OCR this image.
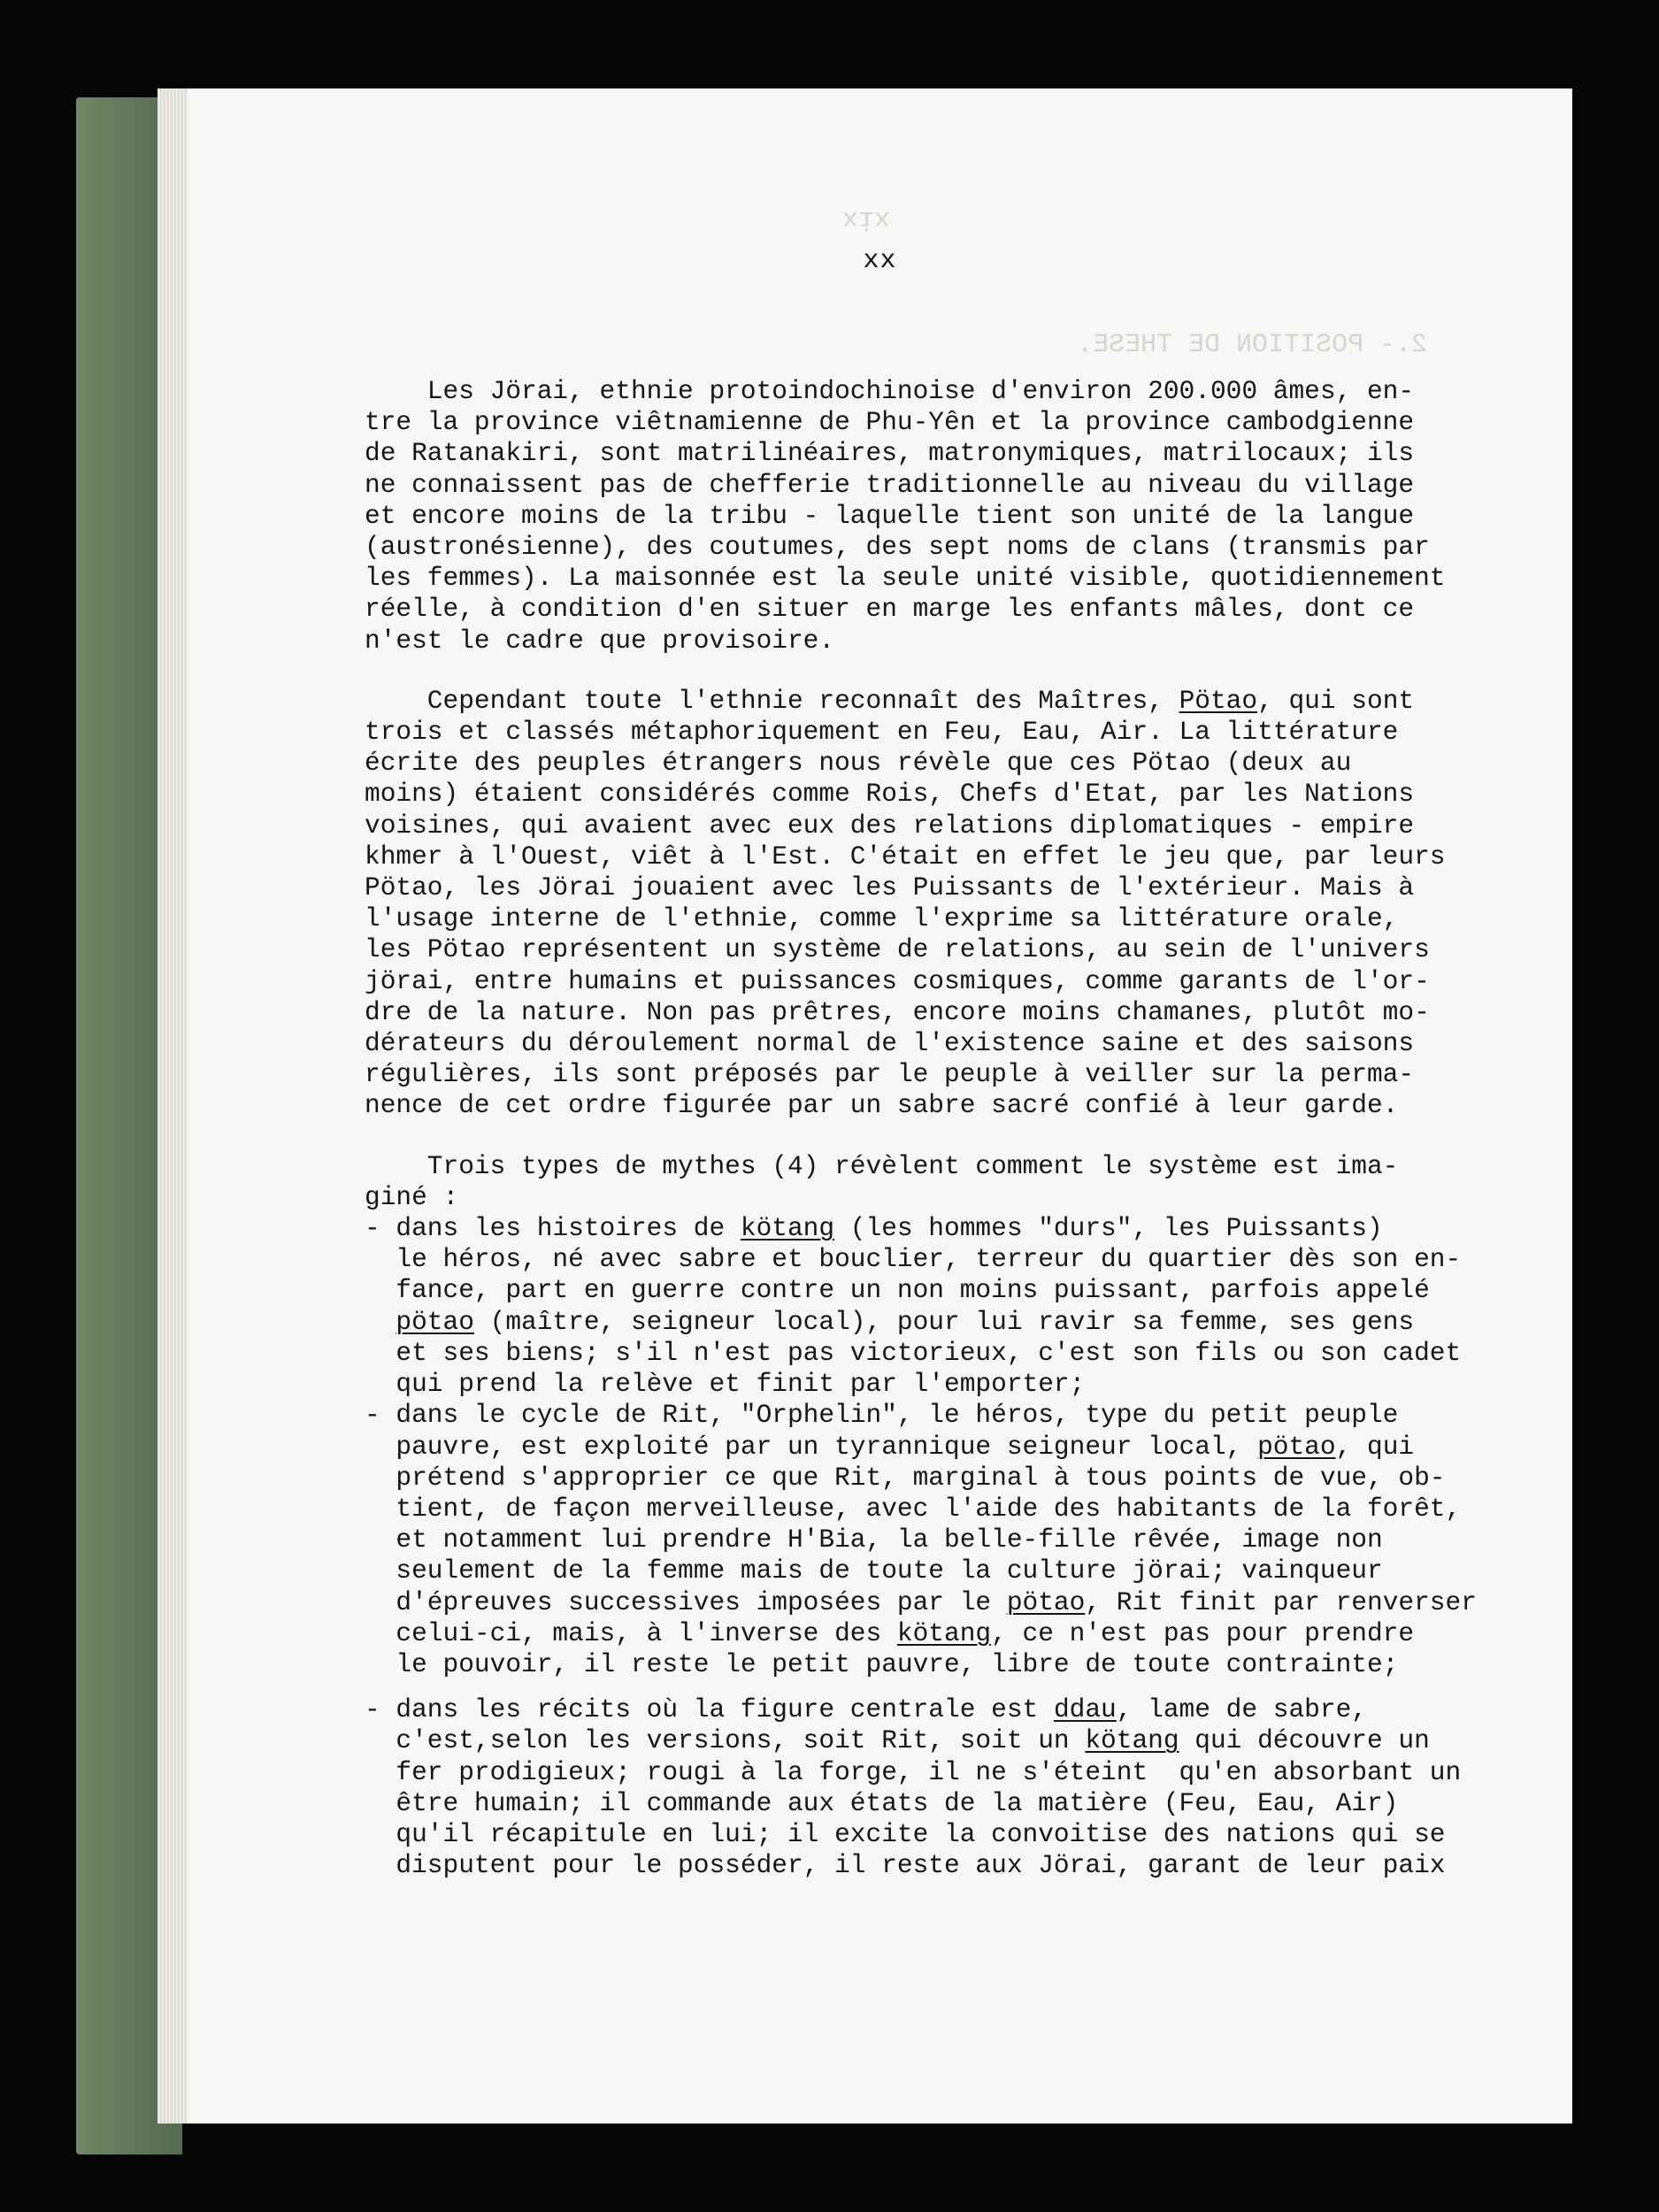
xix

2.- POSITION DE THESE.

xx
Les Jörai, ethnie protoindochinoise d'environ 200.000 âmes, en-
tre la province viêtnamienne de Phu-Yên et la province cambodgienne
de Ratanakiri, sont matrilinéaires, matronymiques, matrilocaux; ils
ne connaissent pas de chefferie traditionnelle au niveau du village
et encore moins de la tribu - laquelle tient son unité de la langue
(austronésienne), des coutumes, des sept noms de clans (transmis par
les femmes). La maisonnée est la seule unité visible, quotidiennement
réelle, à condition d'en situer en marge les enfants mâles, dont ce
n'est le cadre que provisoire.
Cependant toute l'ethnie reconnaît des Maîtres, Pötao, qui sont
trois et classés métaphoriquement en Feu, Eau, Air. La littérature
écrite des peuples étrangers nous révèle que ces Pötao (deux au
moins) étaient considérés comme Rois, Chefs d'Etat, par les Nations
voisines, qui avaient avec eux des relations diplomatiques - empire
khmer à l'Ouest, viêt à l'Est. C'était en effet le jeu que, par leurs
Pötao, les Jörai jouaient avec les Puissants de l'extérieur. Mais à
l'usage interne de l'ethnie, comme l'exprime sa littérature orale,
les Pötao représentent un système de relations, au sein de l'univers
jörai, entre humains et puissances cosmiques, comme garants de l'or-
dre de la nature. Non pas prêtres, encore moins chamanes, plutôt mo-
dérateurs du déroulement normal de l'existence saine et des saisons
régulières, ils sont préposés par le peuple à veiller sur la perma-
nence de cet ordre figurée par un sabre sacré confié à leur garde.
Trois types de mythes (4) révèlent comment le système est ima-
giné :
- dans les histoires de kötang (les hommes "durs", les Puissants)
le héros, né avec sabre et bouclier, terreur du quartier dès son en-
fance, part en guerre contre un non moins puissant, parfois appelé
pötao (maître, seigneur local), pour lui ravir sa femme, ses gens
et ses biens; s'il n'est pas victorieux, c'est son fils ou son cadet
qui prend la relève et finit par l'emporter;
- dans le cycle de Rit, "Orphelin", le héros, type du petit peuple
pauvre, est exploité par un tyrannique seigneur local, pötao, qui
prétend s'approprier ce que Rit, marginal à tous points de vue, ob-
tient, de façon merveilleuse, avec l'aide des habitants de la forêt,
et notamment lui prendre H'Bia, la belle-fille rêvée, image non
seulement de la femme mais de toute la culture jörai; vainqueur
d'épreuves successives imposées par le pötao, Rit finit par renverser
celui-ci, mais, à l'inverse des kötang, ce n'est pas pour prendre
le pouvoir, il reste le petit pauvre, libre de toute contrainte;
- dans les récits où la figure centrale est ddau, lame de sabre,
c'est,selon les versions, soit Rit, soit un kötang qui découvre un
fer prodigieux; rougi à la forge, il ne s'éteint  qu'en absorbant un
être humain; il commande aux états de la matière (Feu, Eau, Air)
qu'il récapitule en lui; il excite la convoitise des nations qui se
disputent pour le posséder, il reste aux Jörai, garant de leur paix
